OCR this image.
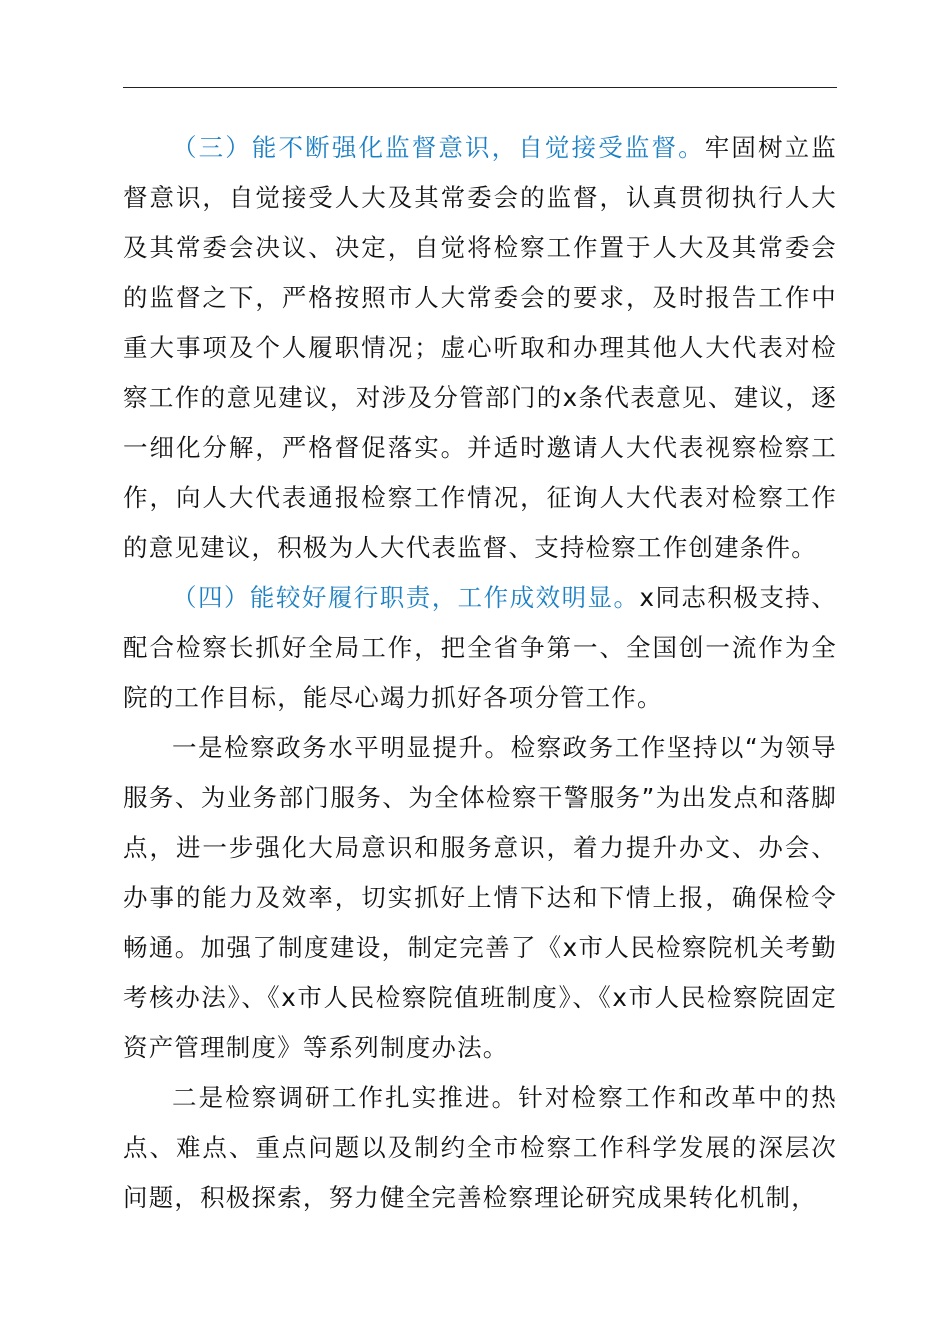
（三）能不断强化监督意识，自觉接受监督。牢固树立监督意识，自觉接受人大及其常委会的监督，认真贯彻执行人大及其常委会决议、决定，自觉将检察工作置于人大及其常委会的监督之下，严格按照市人大常委会的要求，及时报告工作中重大事项及个人履职情况；虚心听取和办理其他人大代表对检察工作的意见建议，对涉及分管部门的x条代表意见、建议，逐一细化分解，严格督促落实。并适时邀请人大代表视察检察工作，向人大代表通报检察工作情况，征询人大代表对检察工作的意见建议，积极为人大代表监督、支持检察工作创建条件。

（四）能较好履行职责，工作成效明显。x同志积极支持、配合检察长抓好全局工作，把全省争第一、全国创一流作为全院的工作目标，能尽心竭力抓好各项分管工作。

一是检察政务水平明显提升。检察政务工作坚持以“为领导服务、为业务部门服务、为全体检察干警服务”为出发点和落脚点，进一步强化大局意识和服务意识，着力提升办文、办会、办事的能力及效率，切实抓好上情下达和下情上报，确保检令畅通。加强了制度建设，制定完善了《x市人民检察院机关考勤考核办法》、《x市人民检察院值班制度》、《x市人民检察院固定资产管理制度》等系列制度办法。

二是检察调研工作扎实推进。针对检察工作和改革中的热点、难点、重点问题以及制约全市检察工作科学发展的深层次问题，积极探索，努力健全完善检察理论研究成果转化机制，
